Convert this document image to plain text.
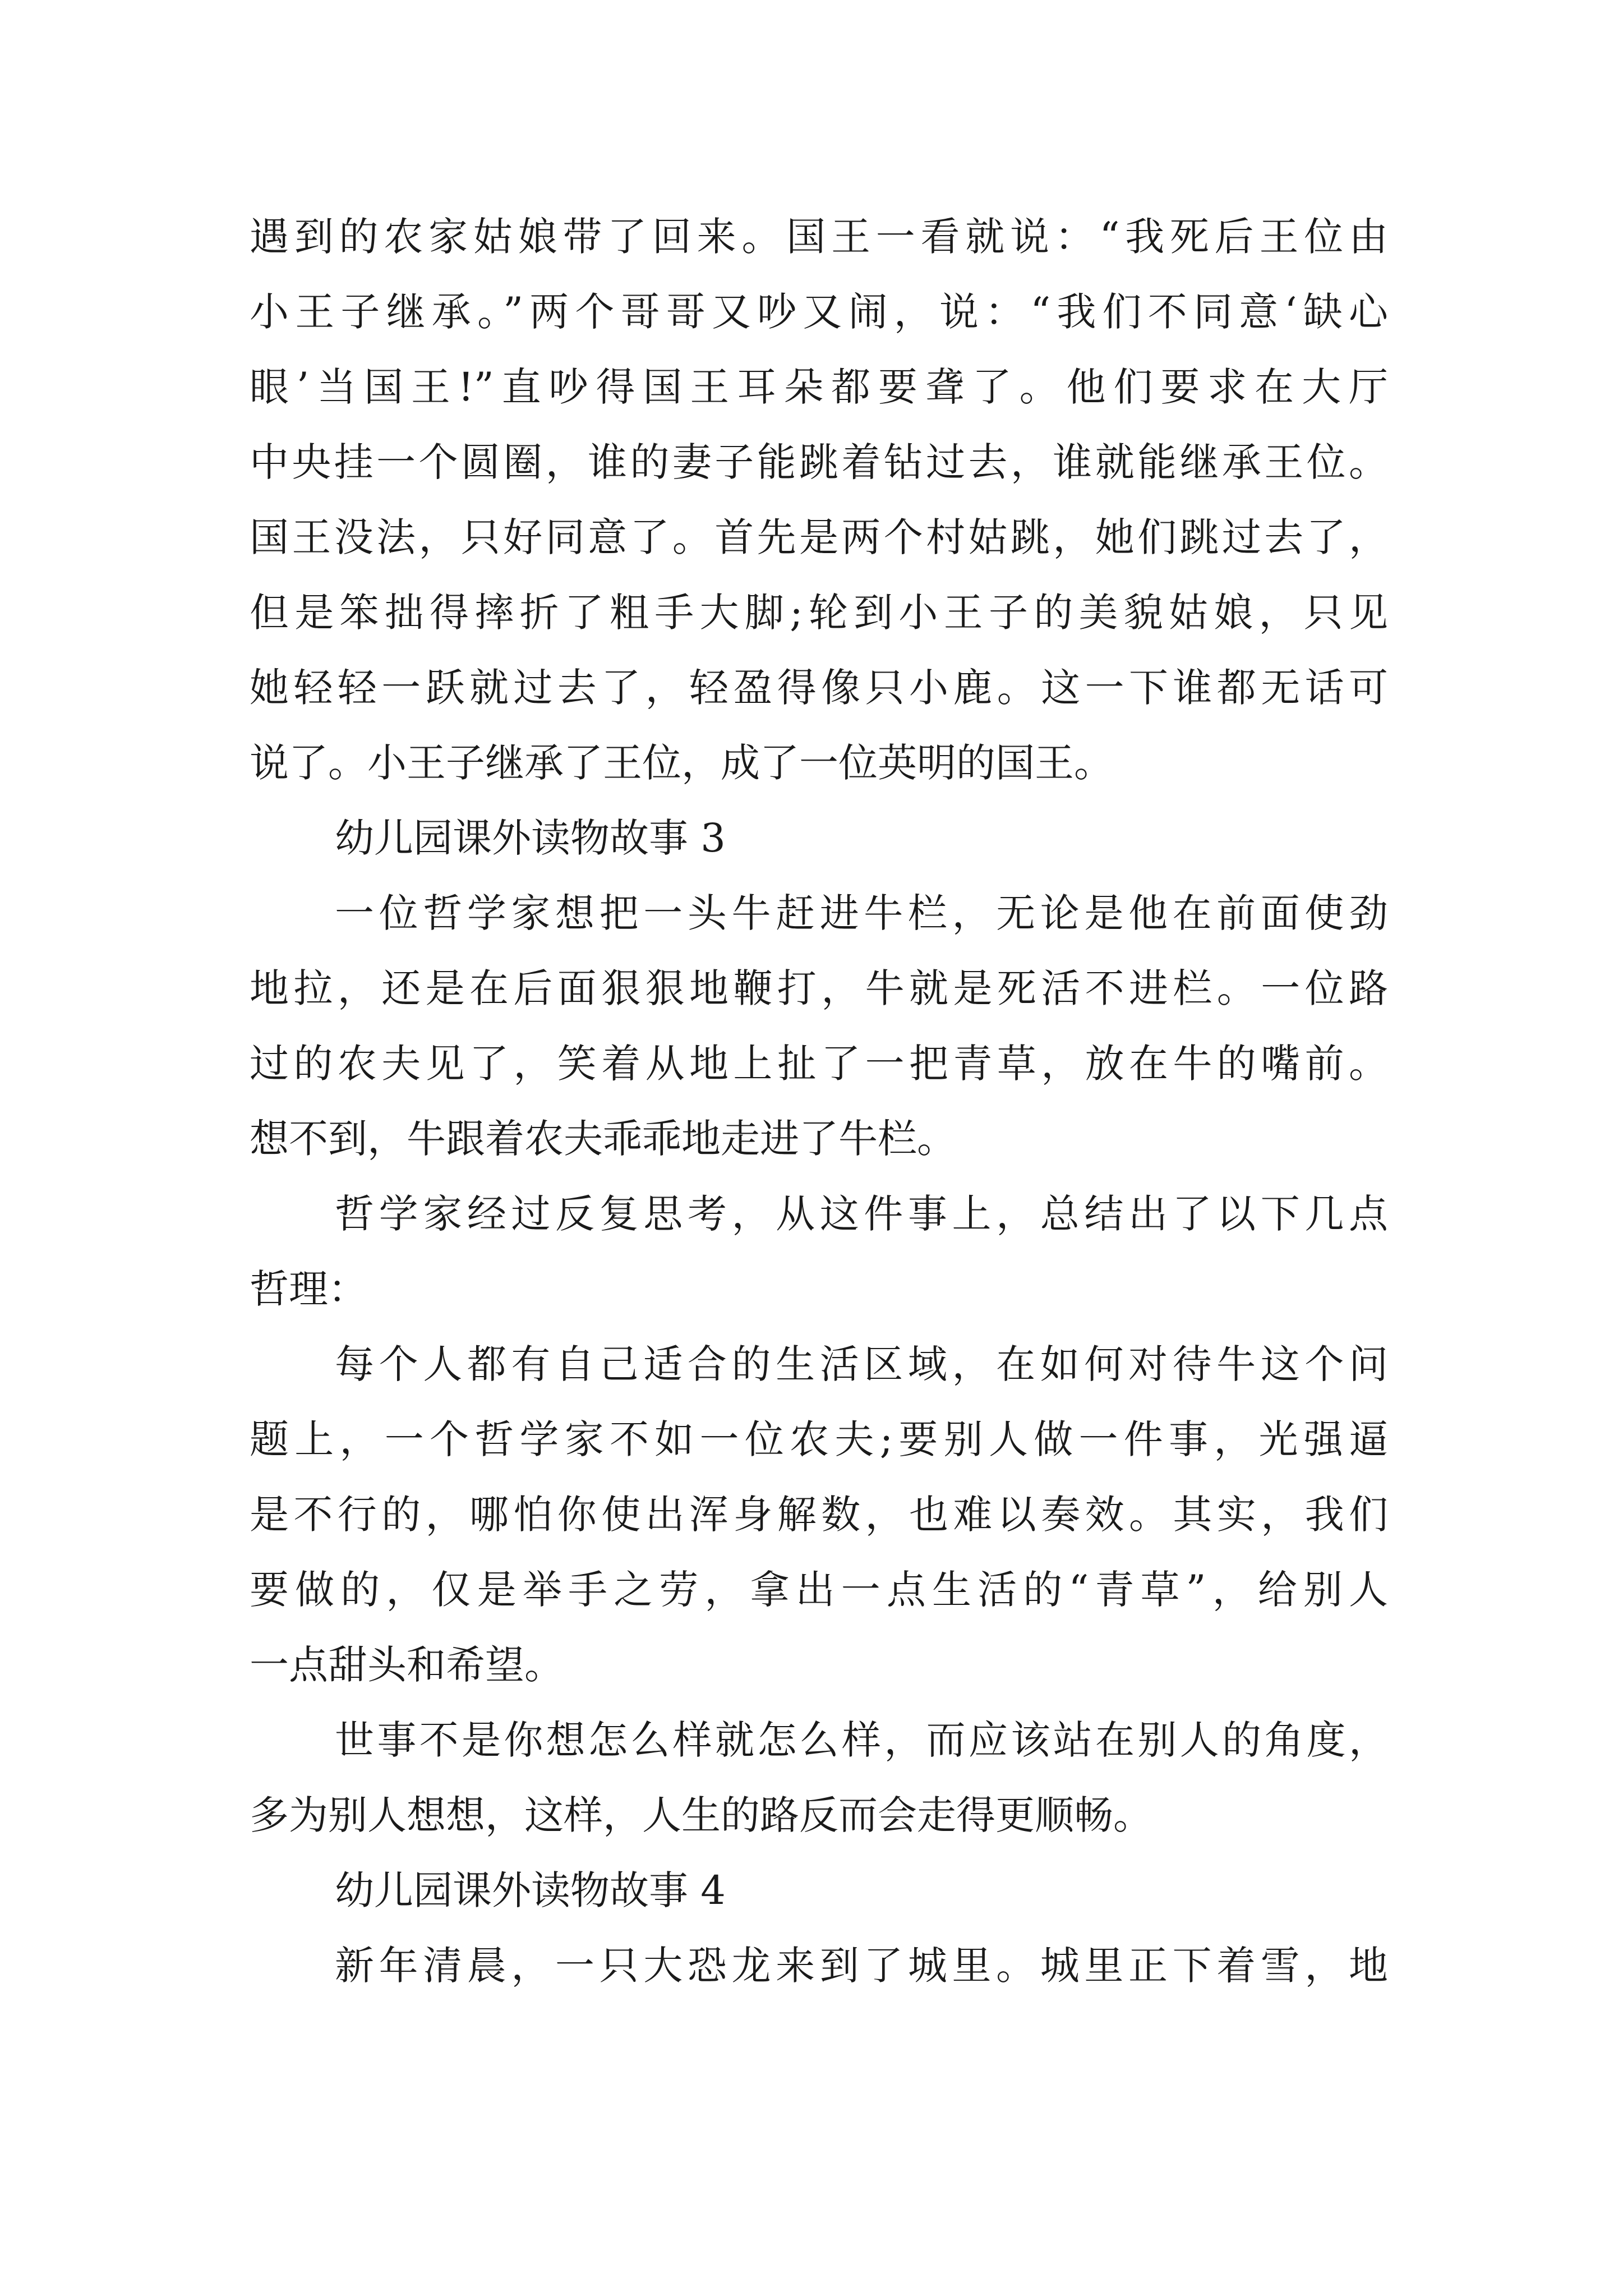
遇到的农家姑娘带了回来。国王一看就说：“我死后王位由

小王子继承。”两个哥哥又吵又闹，说：“我们不同意‘缺心

眼’当国王!”直吵得国王耳朵都要聋了。他们要求在大厅

中央挂一个圆圈，谁的妻子能跳着钻过去，谁就能继承王位。

国王没法，只好同意了。首先是两个村姑跳，她们跳过去了，

但是笨拙得摔折了粗手大脚;轮到小王子的美貌姑娘，只见

她轻轻一跃就过去了，轻盈得像只小鹿。这一下谁都无话可

说了。小王子继承了王位，成了一位英明的国王。

幼儿园课外读物故事 3

一位哲学家想把一头牛赶进牛栏，无论是他在前面使劲

地拉，还是在后面狠狠地鞭打，牛就是死活不进栏。一位路

过的农夫见了，笑着从地上扯了一把青草，放在牛的嘴前。

想不到，牛跟着农夫乖乖地走进了牛栏。

哲学家经过反复思考，从这件事上，总结出了以下几点

哲理：

每个人都有自己适合的生活区域，在如何对待牛这个问

题上，一个哲学家不如一位农夫;要别人做一件事，光强逼

是不行的，哪怕你使出浑身解数，也难以奏效。其实，我们

要做的，仅是举手之劳，拿出一点生活的“青草”，给别人

一点甜头和希望。

世事不是你想怎么样就怎么样，而应该站在别人的角度，

多为别人想想，这样，人生的路反而会走得更顺畅。

幼儿园课外读物故事 4

新年清晨，一只大恐龙来到了城里。城里正下着雪，地
